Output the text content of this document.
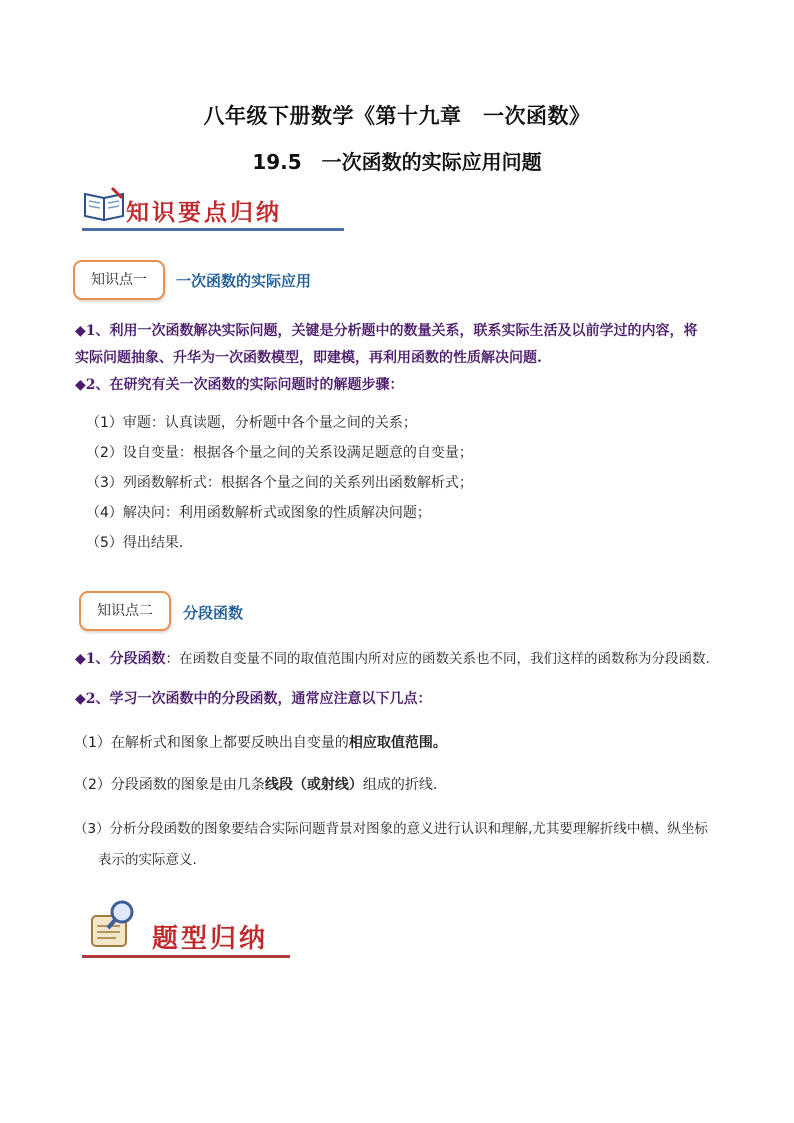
八年级下册数学《第十九章　一次函数》
19.5　一次函数的实际应用问题
知识要点归纳
知识点一	一次函数的实际应用
◆1、利用一次函数解决实际问题，关键是分析题中的数量关系，联系实际生活及以前学过的内容，将
实际问题抽象、升华为一次函数模型，即建模，再利用函数的性质解决问题.
◆2、在研究有关一次函数的实际问题时的解题步骤：
（1）审题：认真读题，分析题中各个量之间的关系；
（2）设自变量：根据各个量之间的关系设满足题意的自变量；
（3）列函数解析式：根据各个量之间的关系列出函数解析式；
（4）解决问：利用函数解析式或图象的性质解决问题；
（5）得出结果.
知识点二	分段函数
◆1、分段函数：在函数自变量不同的取值范围内所对应的函数关系也不同，我们这样的函数称为分段函数.
◆2、学习一次函数中的分段函数，通常应注意以下几点：
（1）在解析式和图象上都要反映出自变量的相应取值范围。
（2）分段函数的图象是由几条线段（或射线）组成的折线.
（3）分析分段函数的图象要结合实际问题背景对图象的意义进行认识和理解,尤其要理解折线中横、纵坐标
表示的实际意义.
题型归纳
